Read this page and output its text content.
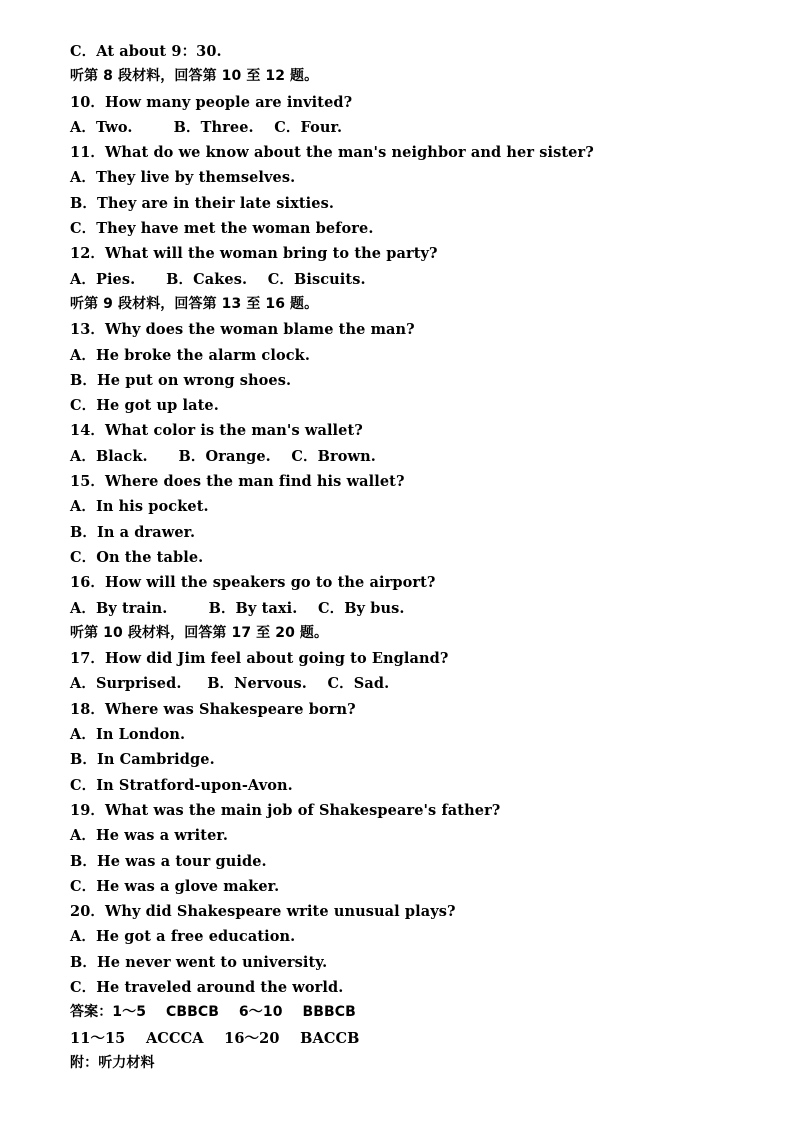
C．At about 9：30.
听第 8 段材料，回答第 10 至 12 题。
10．How many people are invited?
A．Two.        B．Three.    C．Four.
11．What do we know about the man's neighbor and her sister?
A．They live by themselves.
B．They are in their late sixties.
C．They have met the woman before.
12．What will the woman bring to the party?
A．Pies.      B．Cakes.    C．Biscuits.
听第 9 段材料，回答第 13 至 16 题。
13．Why does the woman blame the man?
A．He broke the alarm clock.
B．He put on wrong shoes.
C．He got up late.
14．What color is the man's wallet?
A．Black.      B．Orange.    C．Brown.
15．Where does the man find his wallet?
A．In his pocket.
B．In a drawer.
C．On the table.
16．How will the speakers go to the airport?
A．By train.        B．By taxi.    C．By bus.
听第 10 段材料，回答第 17 至 20 题。
17．How did Jim feel about going to England?
A．Surprised.     B．Nervous.    C．Sad.
18．Where was Shakespeare born?
A．In London.
B．In Cambridge.
C．In Stratford-upon-Avon.
19．What was the main job of Shakespeare's father?
A．He was a writer.
B．He was a tour guide.
C．He was a glove maker.
20．Why did Shakespeare write unusual plays?
A．He got a free education.
B．He never went to university.
C．He traveled around the world.
答案：1～5    CBBCB    6～10    BBBCB
11～15    ACCCA    16～20    BACCB
附：听力材料
